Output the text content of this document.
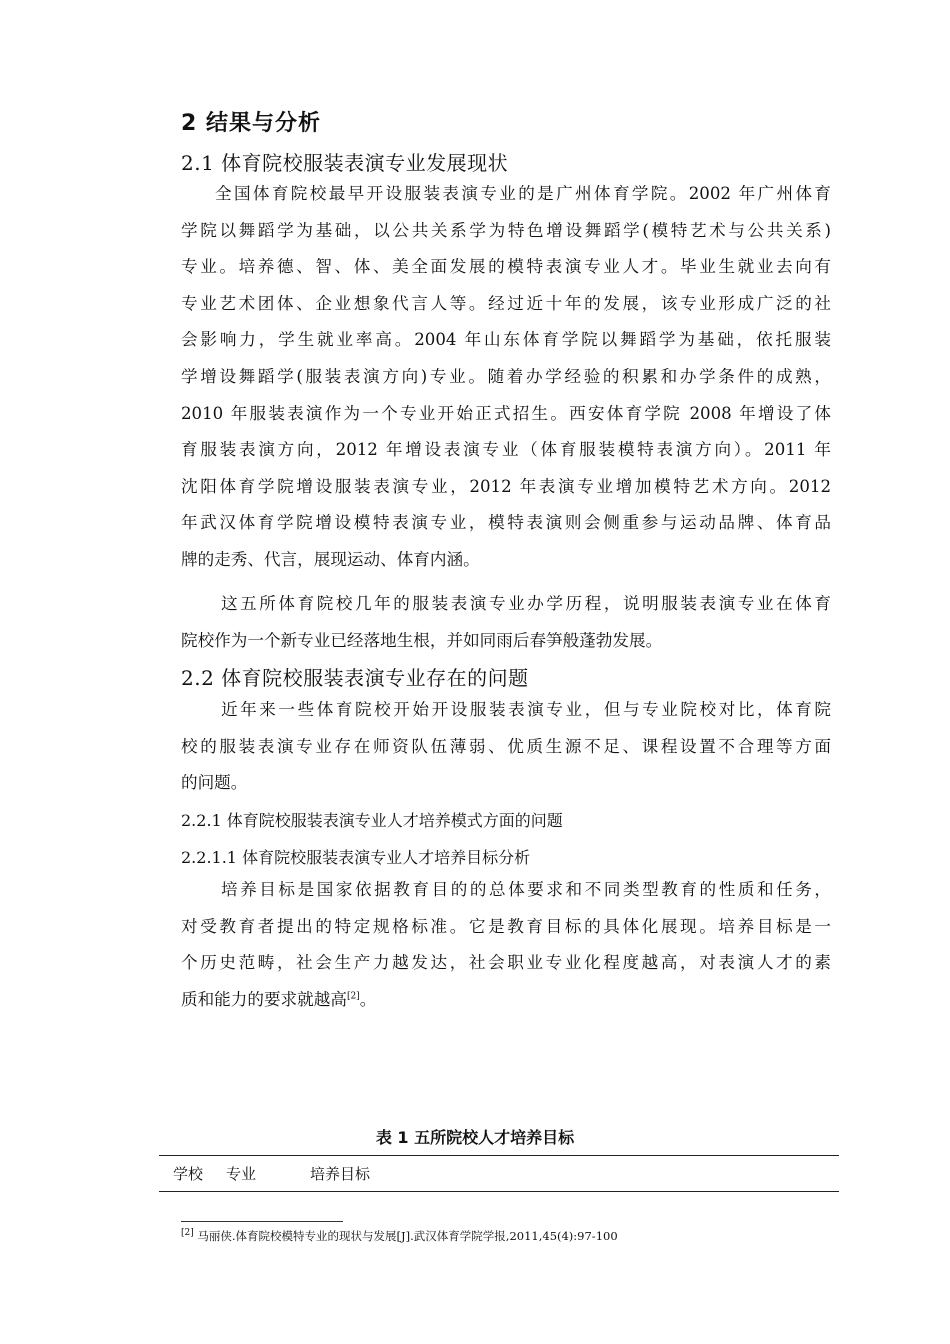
2 结果与分析
2.1 体育院校服装表演专业发展现状
全国体育院校最早开设服装表演专业的是广州体育学院。2002 年广州体育
学院以舞蹈学为基础，以公共关系学为特色增设舞蹈学(模特艺术与公共关系)
专业。培养德、智、体、美全面发展的模特表演专业人才。毕业生就业去向有
专业艺术团体、企业想象代言人等。经过近十年的发展，该专业形成广泛的社
会影响力，学生就业率高。2004 年山东体育学院以舞蹈学为基础，依托服装
学增设舞蹈学(服装表演方向)专业。随着办学经验的积累和办学条件的成熟，
2010 年服装表演作为一个专业开始正式招生。西安体育学院 2008 年增设了体
育服装表演方向，2012 年增设表演专业（体育服装模特表演方向）。2011 年
沈阳体育学院增设服装表演专业，2012 年表演专业增加模特艺术方向。2012
年武汉体育学院增设模特表演专业，模特表演则会侧重参与运动品牌、体育品
牌的走秀、代言，展现运动、体育内涵。
这五所体育院校几年的服装表演专业办学历程，说明服装表演专业在体育
院校作为一个新专业已经落地生根，并如同雨后春笋般蓬勃发展。
2.2 体育院校服装表演专业存在的问题
近年来一些体育院校开始开设服装表演专业，但与专业院校对比，体育院
校的服装表演专业存在师资队伍薄弱、优质生源不足、课程设置不合理等方面
的问题。
2.2.1 体育院校服装表演专业人才培养模式方面的问题
2.2.1.1 体育院校服装表演专业人才培养目标分析
培养目标是国家依据教育目的的总体要求和不同类型教育的性质和任务，
对受教育者提出的特定规格标准。它是教育目标的具体化展现。培养目标是一
个历史范畴，社会生产力越发达，社会职业专业化程度越高，对表演人才的素
质和能力的要求就越高[2]。
表 1 五所院校人才培养目标
学校 专业	培养目标
[2] 马丽侠.体育院校模特专业的现状与发展[J].武汉体育学院学报,2011,45(4):97-100
